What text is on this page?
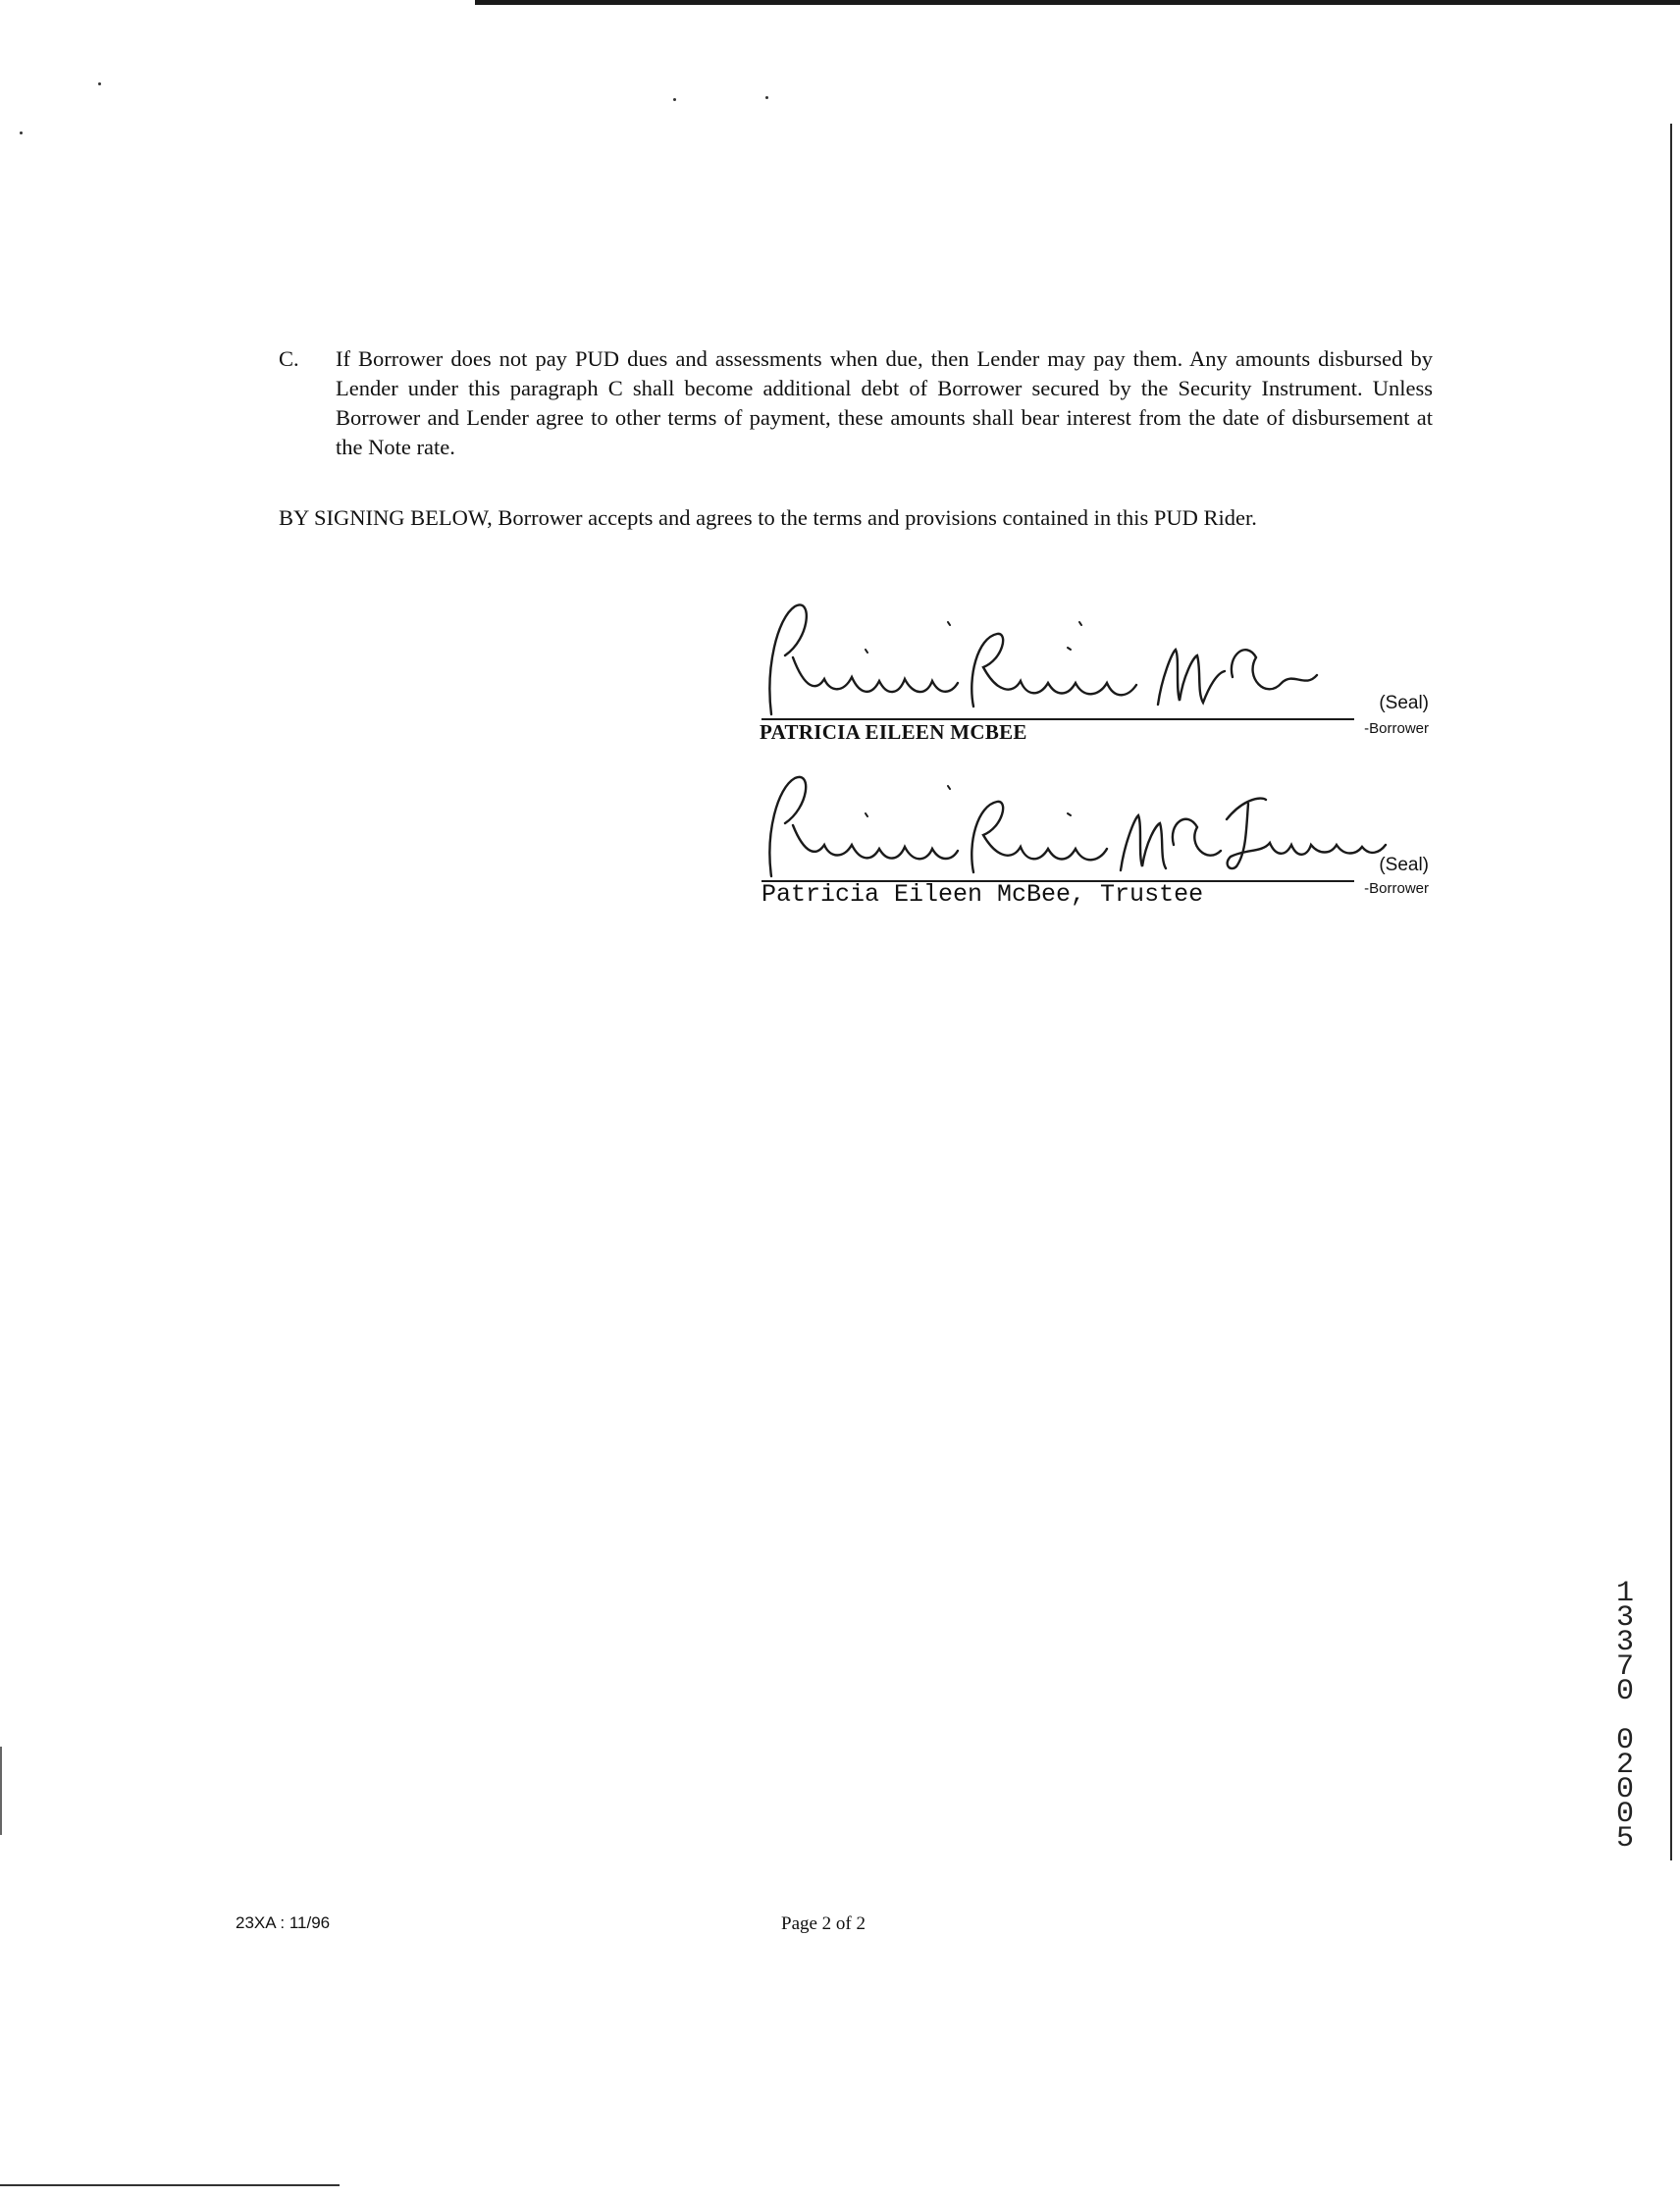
C. If Borrower does not pay PUD dues and assessments when due, then Lender may pay them. Any amounts disbursed by Lender under this paragraph C shall become additional debt of Borrower secured by the Security Instrument. Unless Borrower and Lender agree to other terms of payment, these amounts shall bear interest from the date of disbursement at the Note rate.
BY SIGNING BELOW, Borrower accepts and agrees to the terms and provisions contained in this PUD Rider.
(Seal)
-Borrower
PATRICIA EILEEN MCBEE
(Seal)
-Borrower
Patricia Eileen McBee, Trustee
1
3
3
7
0

0
2
0
0
5
23XA : 11/96	Page 2 of 2
